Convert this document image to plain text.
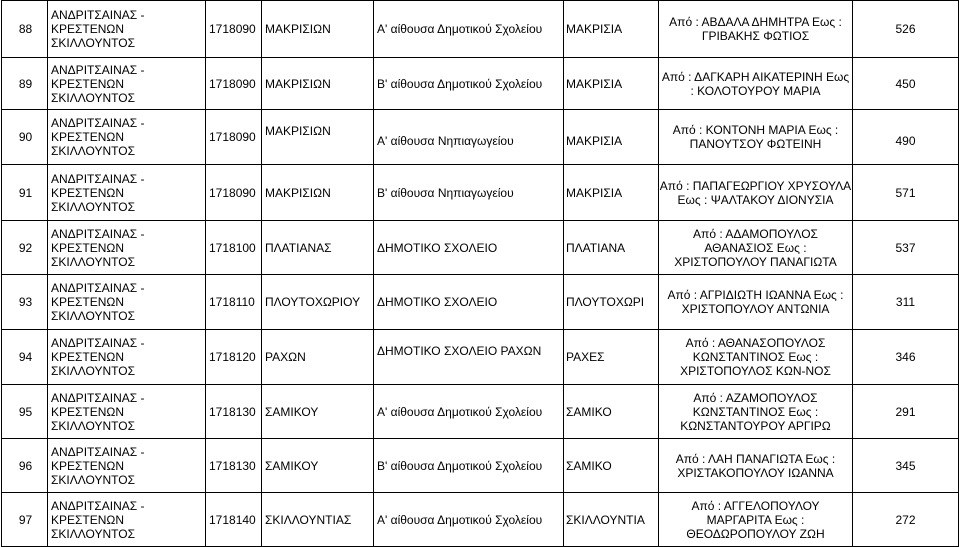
88	ΑΝΔΡΙΤΣΑΙΝΑΣ - ΚΡΕΣΤΕΝΩΝ ΣΚΙΛΛΟΥΝΤΟΣ	1718090	ΜΑΚΡΙΣΙΩΝ	Α' αίθουσα Δημοτικού Σχολείου	ΜΑΚΡΙΣΙΑ	Από : ΑΒΔΑΛΑ ΔΗΜΗΤΡΑ Εως : ΓΡΙΒΑΚΗΣ ΦΩΤΙΟΣ	526
89	ΑΝΔΡΙΤΣΑΙΝΑΣ - ΚΡΕΣΤΕΝΩΝ ΣΚΙΛΛΟΥΝΤΟΣ	1718090	ΜΑΚΡΙΣΙΩΝ	Β' αίθουσα Δημοτικού Σχολείου	ΜΑΚΡΙΣΙΑ	Από : ΔΑΓΚΑΡΗ ΑΙΚΑΤΕΡΙΝΗ Εως : ΚΟΛΟΤΟΥΡΟΥ ΜΑΡΙΑ	450
90	ΑΝΔΡΙΤΣΑΙΝΑΣ - ΚΡΕΣΤΕΝΩΝ ΣΚΙΛΛΟΥΝΤΟΣ	1718090	ΜΑΚΡΙΣΙΩΝ	Α' αίθουσα Νηπιαγωγείου	ΜΑΚΡΙΣΙΑ	Από : ΚΟΝΤΟΝΗ ΜΑΡΙΑ Εως : ΠΑΝΟΥΤΣΟΥ ΦΩΤΕΙΝΗ	490

91	ΑΝΔΡΙΤΣΑΙΝΑΣ - ΚΡΕΣΤΕΝΩΝ ΣΚΙΛΛΟΥΝΤΟΣ	1718090	ΜΑΚΡΙΣΙΩΝ	Β' αίθουσα Νηπιαγωγείου	ΜΑΚΡΙΣΙΑ	Από : ΠΑΠΑΓΕΩΡΓΙΟΥ ΧΡΥΣΟΥΛΑ Εως : ΨΑΛΤΑΚΟΥ ΔΙΟΝΥΣΙΑ	571
92	ΑΝΔΡΙΤΣΑΙΝΑΣ - ΚΡΕΣΤΕΝΩΝ ΣΚΙΛΛΟΥΝΤΟΣ	1718100	ΠΛΑΤΙΑΝΑΣ	ΔΗΜΟΤΙΚΟ ΣΧΟΛΕΙΟ	ΠΛΑΤΙΑΝΑ	Από : ΑΔΑΜΟΠΟΥΛΟΣ ΑΘΑΝΑΣΙΟΣ Εως : ΧΡΙΣΤΟΠΟΥΛΟΥ ΠΑΝΑΓΙΩΤΑ	537
93	ΑΝΔΡΙΤΣΑΙΝΑΣ - ΚΡΕΣΤΕΝΩΝ ΣΚΙΛΛΟΥΝΤΟΣ	1718110	ΠΛΟΥΤΟΧΩΡΙΟΥ	ΔΗΜΟΤΙΚΟ ΣΧΟΛΕΙΟ	ΠΛΟΥΤΟΧΩΡΙ	Από : ΑΓΡΙΔΙΩΤΗ ΙΩΑΝΝΑ Εως : ΧΡΙΣΤΟΠΟΥΛΟΥ ΑΝΤΩΝΙΑ	311
94	ΑΝΔΡΙΤΣΑΙΝΑΣ - ΚΡΕΣΤΕΝΩΝ ΣΚΙΛΛΟΥΝΤΟΣ	1718120	ΡΑΧΩΝ	ΔΗΜΟΤΙΚΟ ΣΧΟΛΕΙΟ ΡΑΧΩΝ	ΡΑΧΕΣ	Από : ΑΘΑΝΑΣΟΠΟΥΛΟΣ ΚΩΝΣΤΑΝΤΙΝΟΣ Εως : ΧΡΙΣΤΟΠΟΥΛΟΣ ΚΩΝ-ΝΟΣ	346
95	ΑΝΔΡΙΤΣΑΙΝΑΣ - ΚΡΕΣΤΕΝΩΝ ΣΚΙΛΛΟΥΝΤΟΣ	1718130	ΣΑΜΙΚΟΥ	Α' αίθουσα Δημοτικού Σχολείου	ΣΑΜΙΚΟ	Από : ΑΖΑΜΟΠΟΥΛΟΣ ΚΩΝΣΤΑΝΤΙΝΟΣ Εως : ΚΩΝΣΤΑΝΤΟΥΡΟΥ ΑΡΓΙΡΩ	291
96	ΑΝΔΡΙΤΣΑΙΝΑΣ - ΚΡΕΣΤΕΝΩΝ ΣΚΙΛΛΟΥΝΤΟΣ	1718130	ΣΑΜΙΚΟΥ	Β' αίθουσα Δημοτικού Σχολείου	ΣΑΜΙΚΟ	Από : ΛΑΗ ΠΑΝΑΓΙΩΤΑ Εως : ΧΡΙΣΤΑΚΟΠΟΥΛΟΥ ΙΩΑΝΝΑ	345
97	ΑΝΔΡΙΤΣΑΙΝΑΣ - ΚΡΕΣΤΕΝΩΝ ΣΚΙΛΛΟΥΝΤΟΣ	1718140	ΣΚΙΛΛΟΥΝΤΙΑΣ	Α' αίθουσα Δημοτικού Σχολείου	ΣΚΙΛΛΟΥΝΤΙΑ	Από : ΑΓΓΕΛΟΠΟΥΛΟΥ ΜΑΡΓΑΡΙΤΑ Εως : ΘΕΟΔΩΡΟΠΟΥΛΟΥ ΖΩΗ	272
